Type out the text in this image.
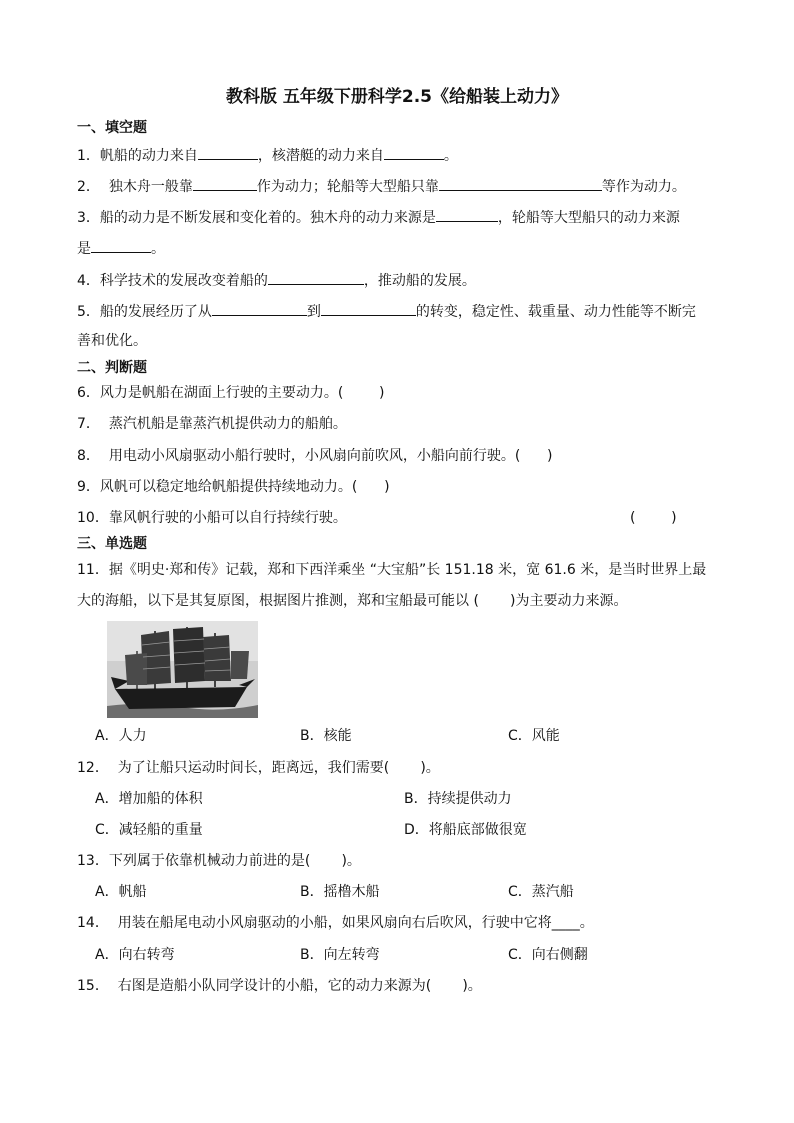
教科版 五年级下册科学2.5《给船装上动力》
一、填空题
1．帆船的动力来自	，核潜艇的动力来自	。
2． 独木舟一般靠	作为动力；轮船等大型船只靠	等作为动力。
3．船的动力是不断发展和变化着的。独木舟的动力来源是	，轮船等大型船只的动力来源
是	。
4．科学技术的发展改变着船的	，推动船的发展。
5．船的发展经历了从	到	的转变，稳定性、载重量、动力性能等不断完
善和优化。
二、判断题
6．风力是帆船在湖面上行驶的主要动力。(        )
7． 蒸汽机船是靠蒸汽机提供动力的船舶。
8． 用电动小风扇驱动小船行驶时，小风扇向前吹风，小船向前行驶。(      )
9．风帆可以稳定地给帆船提供持续地动力。(      )
10．靠风帆行驶的小船可以自行持续行驶。	(        )
三、单选题
11．据《明史·郑和传》记载，郑和下西洋乘坐 “大宝船”长 151.18 米，宽 61.6 米，是当时世界上最
大的海船，以下是其复原图，根据图片推测，郑和宝船最可能以 (       )为主要动力来源。
A．人力	B．核能	C．风能
12． 为了让船只运动时间长，距离远，我们需要(       )。
A．增加船的体积	B．持续提供动力
C．减轻船的重量	D．将船底部做很宽
13．下列属于依靠机械动力前进的是(       )。
A．帆船	B．摇橹木船	C．蒸汽船
14． 用装在船尾电动小风扇驱动的小船，如果风扇向右后吹风，行驶中它将____。
A．向右转弯	B．向左转弯	C．向右侧翻
15． 右图是造船小队同学设计的小船，它的动力来源为(       )。
